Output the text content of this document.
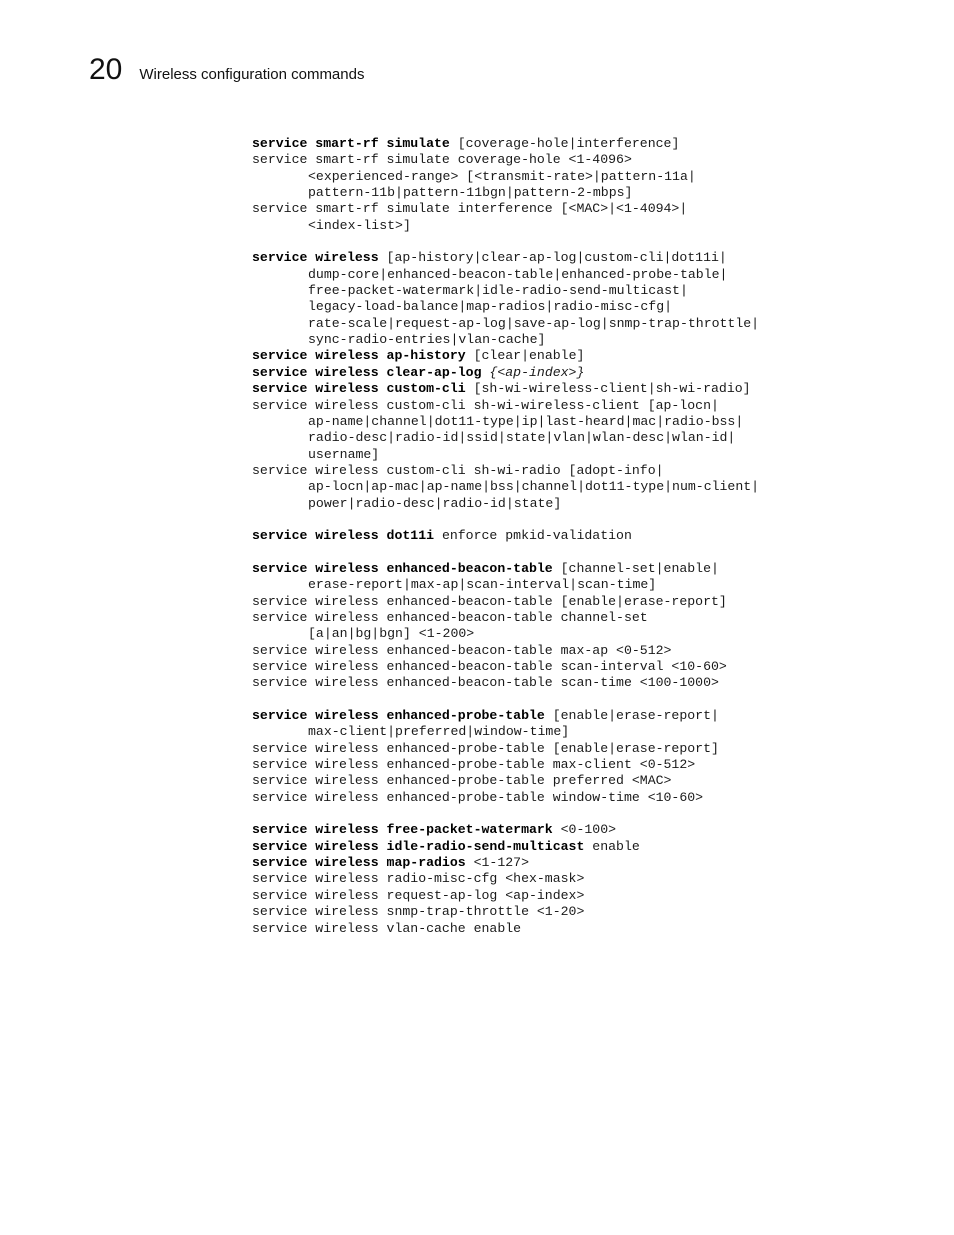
20 Wireless configuration commands
service smart-rf simulate [coverage-hole|interference]
service smart-rf simulate coverage-hole <1-4096>
<experienced-range> [<transmit-rate>|pattern-11a|
pattern-11b|pattern-11bgn|pattern-2-mbps]
service smart-rf simulate interference [<MAC>|<1-4094>|
<index-list>]
service wireless [ap-history|clear-ap-log|custom-cli|dot11i|
dump-core|enhanced-beacon-table|enhanced-probe-table|
free-packet-watermark|idle-radio-send-multicast|
legacy-load-balance|map-radios|radio-misc-cfg|
rate-scale|request-ap-log|save-ap-log|snmp-trap-throttle|
sync-radio-entries|vlan-cache]
service wireless ap-history [clear|enable]
service wireless clear-ap-log {<ap-index>}
service wireless custom-cli [sh-wi-wireless-client|sh-wi-radio]
service wireless custom-cli sh-wi-wireless-client [ap-locn|
ap-name|channel|dot11-type|ip|last-heard|mac|radio-bss|
radio-desc|radio-id|ssid|state|vlan|wlan-desc|wlan-id|
username]
service wireless custom-cli sh-wi-radio [adopt-info|
ap-locn|ap-mac|ap-name|bss|channel|dot11-type|num-client|
power|radio-desc|radio-id|state]
service wireless dot11i enforce pmkid-validation
service wireless enhanced-beacon-table [channel-set|enable|
erase-report|max-ap|scan-interval|scan-time]
service wireless enhanced-beacon-table [enable|erase-report]
service wireless enhanced-beacon-table channel-set
[a|an|bg|bgn] <1-200>
service wireless enhanced-beacon-table max-ap <0-512>
service wireless enhanced-beacon-table scan-interval <10-60>
service wireless enhanced-beacon-table scan-time <100-1000>
service wireless enhanced-probe-table [enable|erase-report|
max-client|preferred|window-time]
service wireless enhanced-probe-table [enable|erase-report]
service wireless enhanced-probe-table max-client <0-512>
service wireless enhanced-probe-table preferred <MAC>
service wireless enhanced-probe-table window-time <10-60>
service wireless free-packet-watermark <0-100>
service wireless idle-radio-send-multicast enable
service wireless map-radios <1-127>
service wireless radio-misc-cfg <hex-mask>
service wireless request-ap-log <ap-index>
service wireless snmp-trap-throttle <1-20>
service wireless vlan-cache enable
